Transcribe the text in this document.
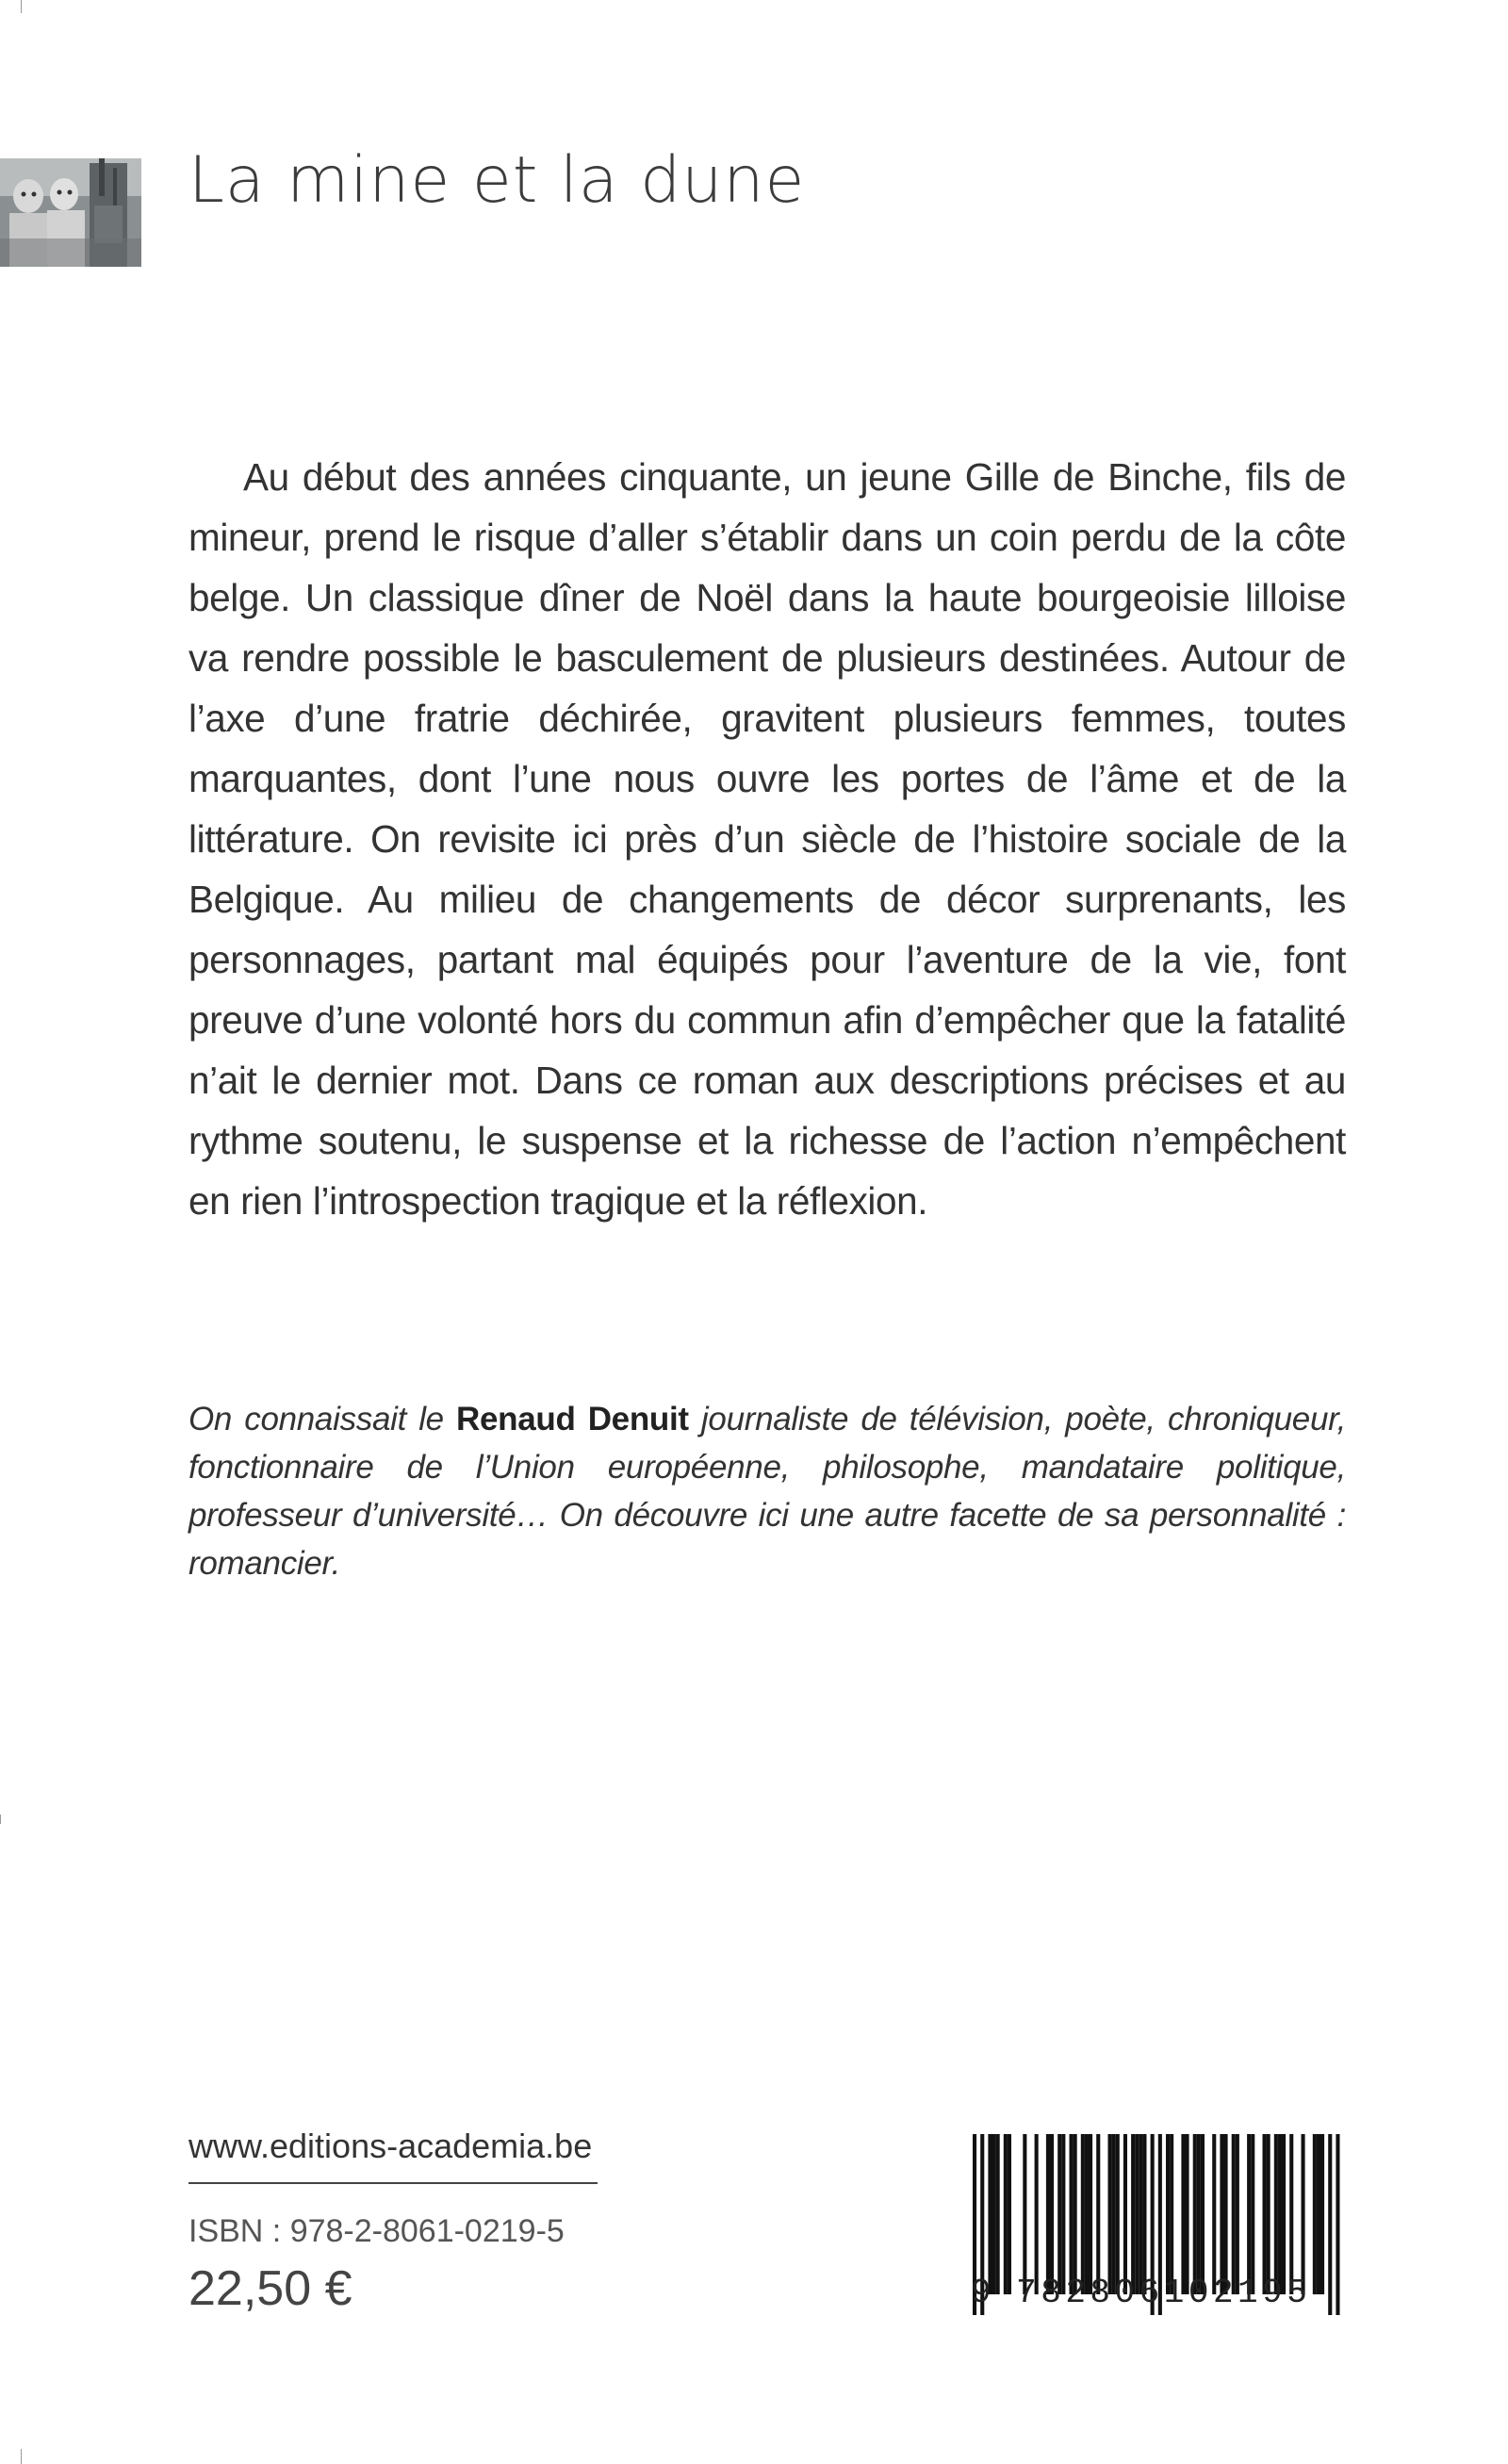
La mine et la dune

Au début des années cinquante, un jeune Gille de Binche, fils de mineur, prend le risque d’aller s’établir dans un coin perdu de la côte belge. Un classique dîner de Noël dans la haute bourgeoisie lilloise va rendre possible le basculement de plusieurs destinées. Autour de l’axe d’une fratrie déchirée, gravitent plusieurs femmes, toutes marquantes, dont l’une nous ouvre les portes de l’âme et de la littérature. On revisite ici près d’un siècle de l’histoire sociale de la Belgique. Au milieu de changements de décor surprenants, les personnages, partant mal équipés pour l’aventure de la vie, font preuve d’une volonté hors du commun afin d’empêcher que la fatalité n’ait le dernier mot. Dans ce roman aux descriptions précises et au rythme soutenu, le suspense et la richesse de l’action n’empêchent en rien l’introspection tragique et la réflexion.

On connaissait le Renaud Denuit journaliste de télévision, poète, chroniqueur, fonctionnaire de l’Union européenne, philosophe, mandataire politique, professeur d’université… On découvre ici une autre facette de sa personnalité : romancier.
www.editions-academia.be
ISBN : 978-2-8061-0219-5
22,50 €	9 782806102195
